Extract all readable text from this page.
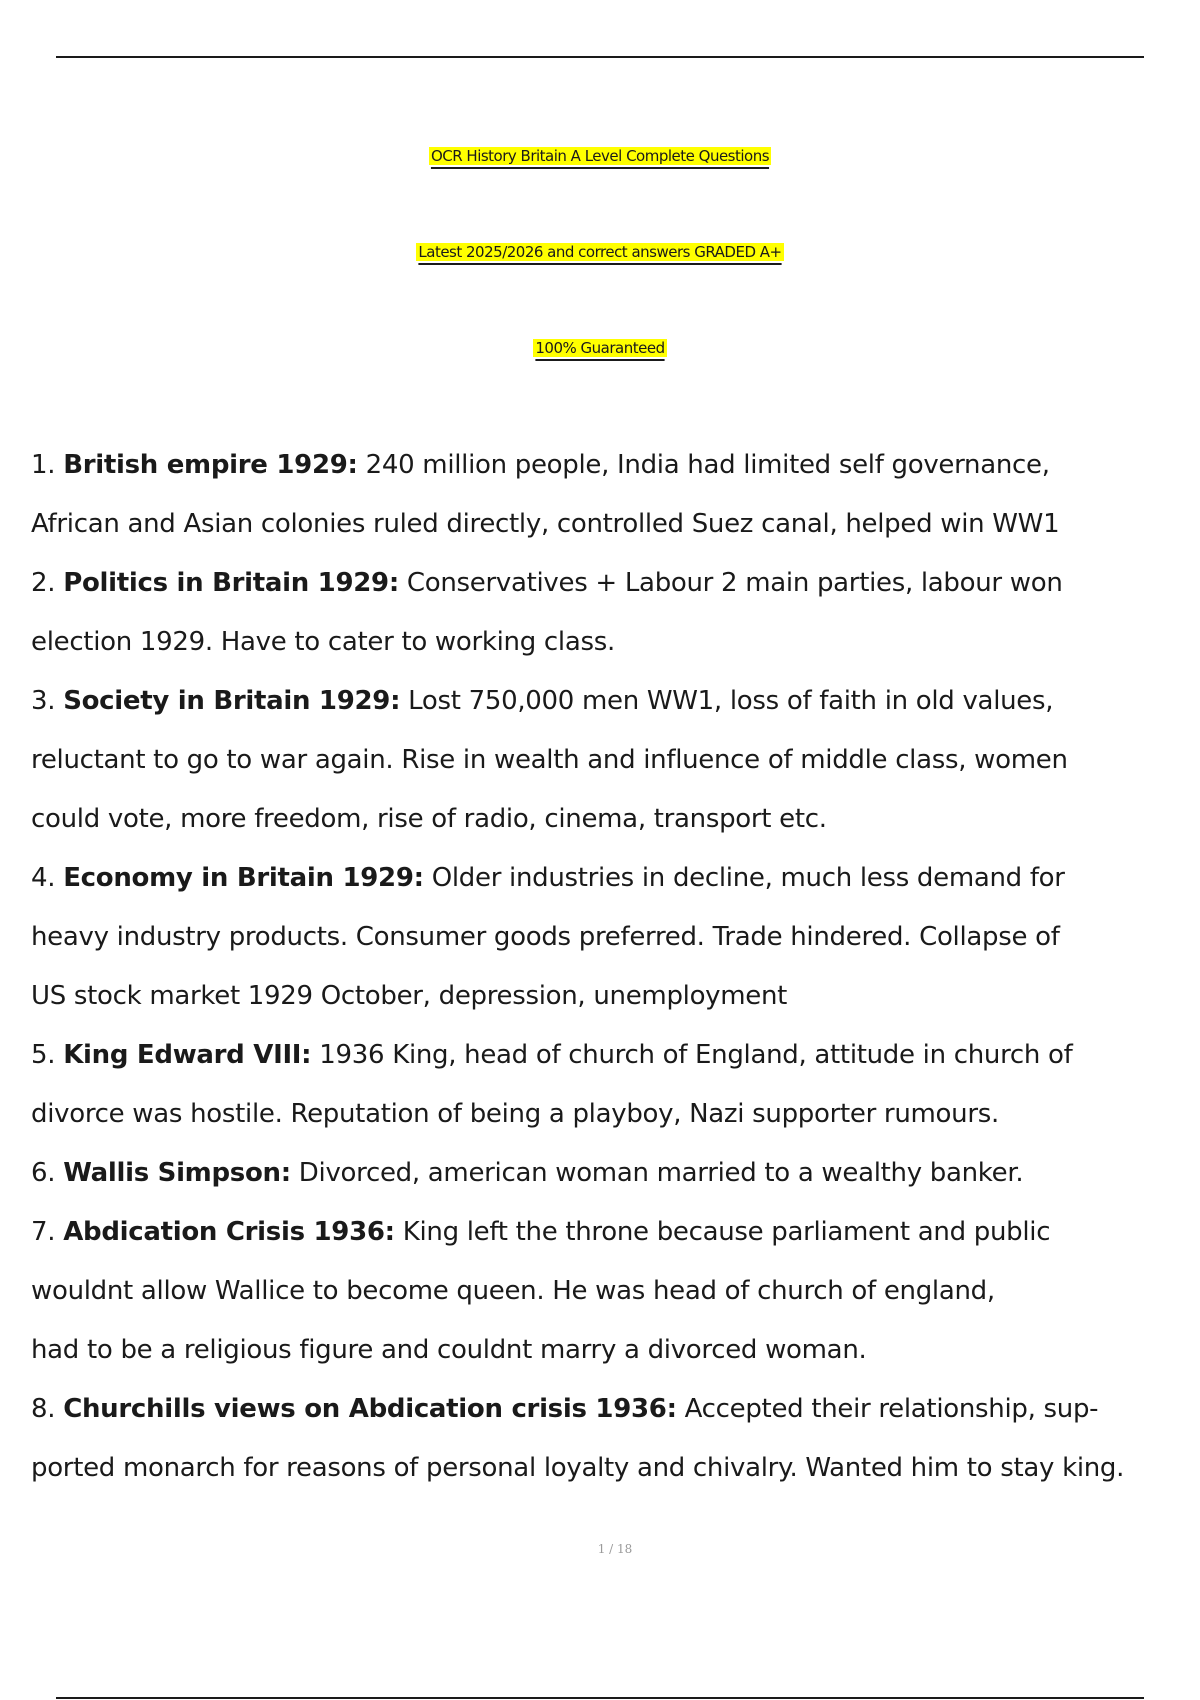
OCR History Britain A Level Complete Questions
Latest 2025/2026 and correct answers GRADED A+
100% Guaranteed
1. British empire 1929: 240 million people, India had limited self governance,
African and Asian colonies ruled directly, controlled Suez canal, helped win WW1
2. Politics in Britain 1929: Conservatives + Labour 2 main parties, labour won
election 1929. Have to cater to working class.
3. Society in Britain 1929: Lost 750,000 men WW1, loss of faith in old values,
reluctant to go to war again. Rise in wealth and influence of middle class, women
could vote, more freedom, rise of radio, cinema, transport etc.
4. Economy in Britain 1929: Older industries in decline, much less demand for
heavy industry products. Consumer goods preferred. Trade hindered. Collapse of
US stock market 1929 October, depression, unemployment
5. King Edward VIII: 1936 King, head of church of England, attitude in church of
divorce was hostile. Reputation of being a playboy, Nazi supporter rumours.
6. Wallis Simpson: Divorced, american woman married to a wealthy banker.
7. Abdication Crisis 1936: King left the throne because parliament and public
wouldnt allow Wallice to become queen. He was head of church of england,
had to be a religious figure and couldnt marry a divorced woman.
8. Churchills views on Abdication crisis 1936: Accepted their relationship, sup-
ported monarch for reasons of personal loyalty and chivalry. Wanted him to stay king.
1 / 18
